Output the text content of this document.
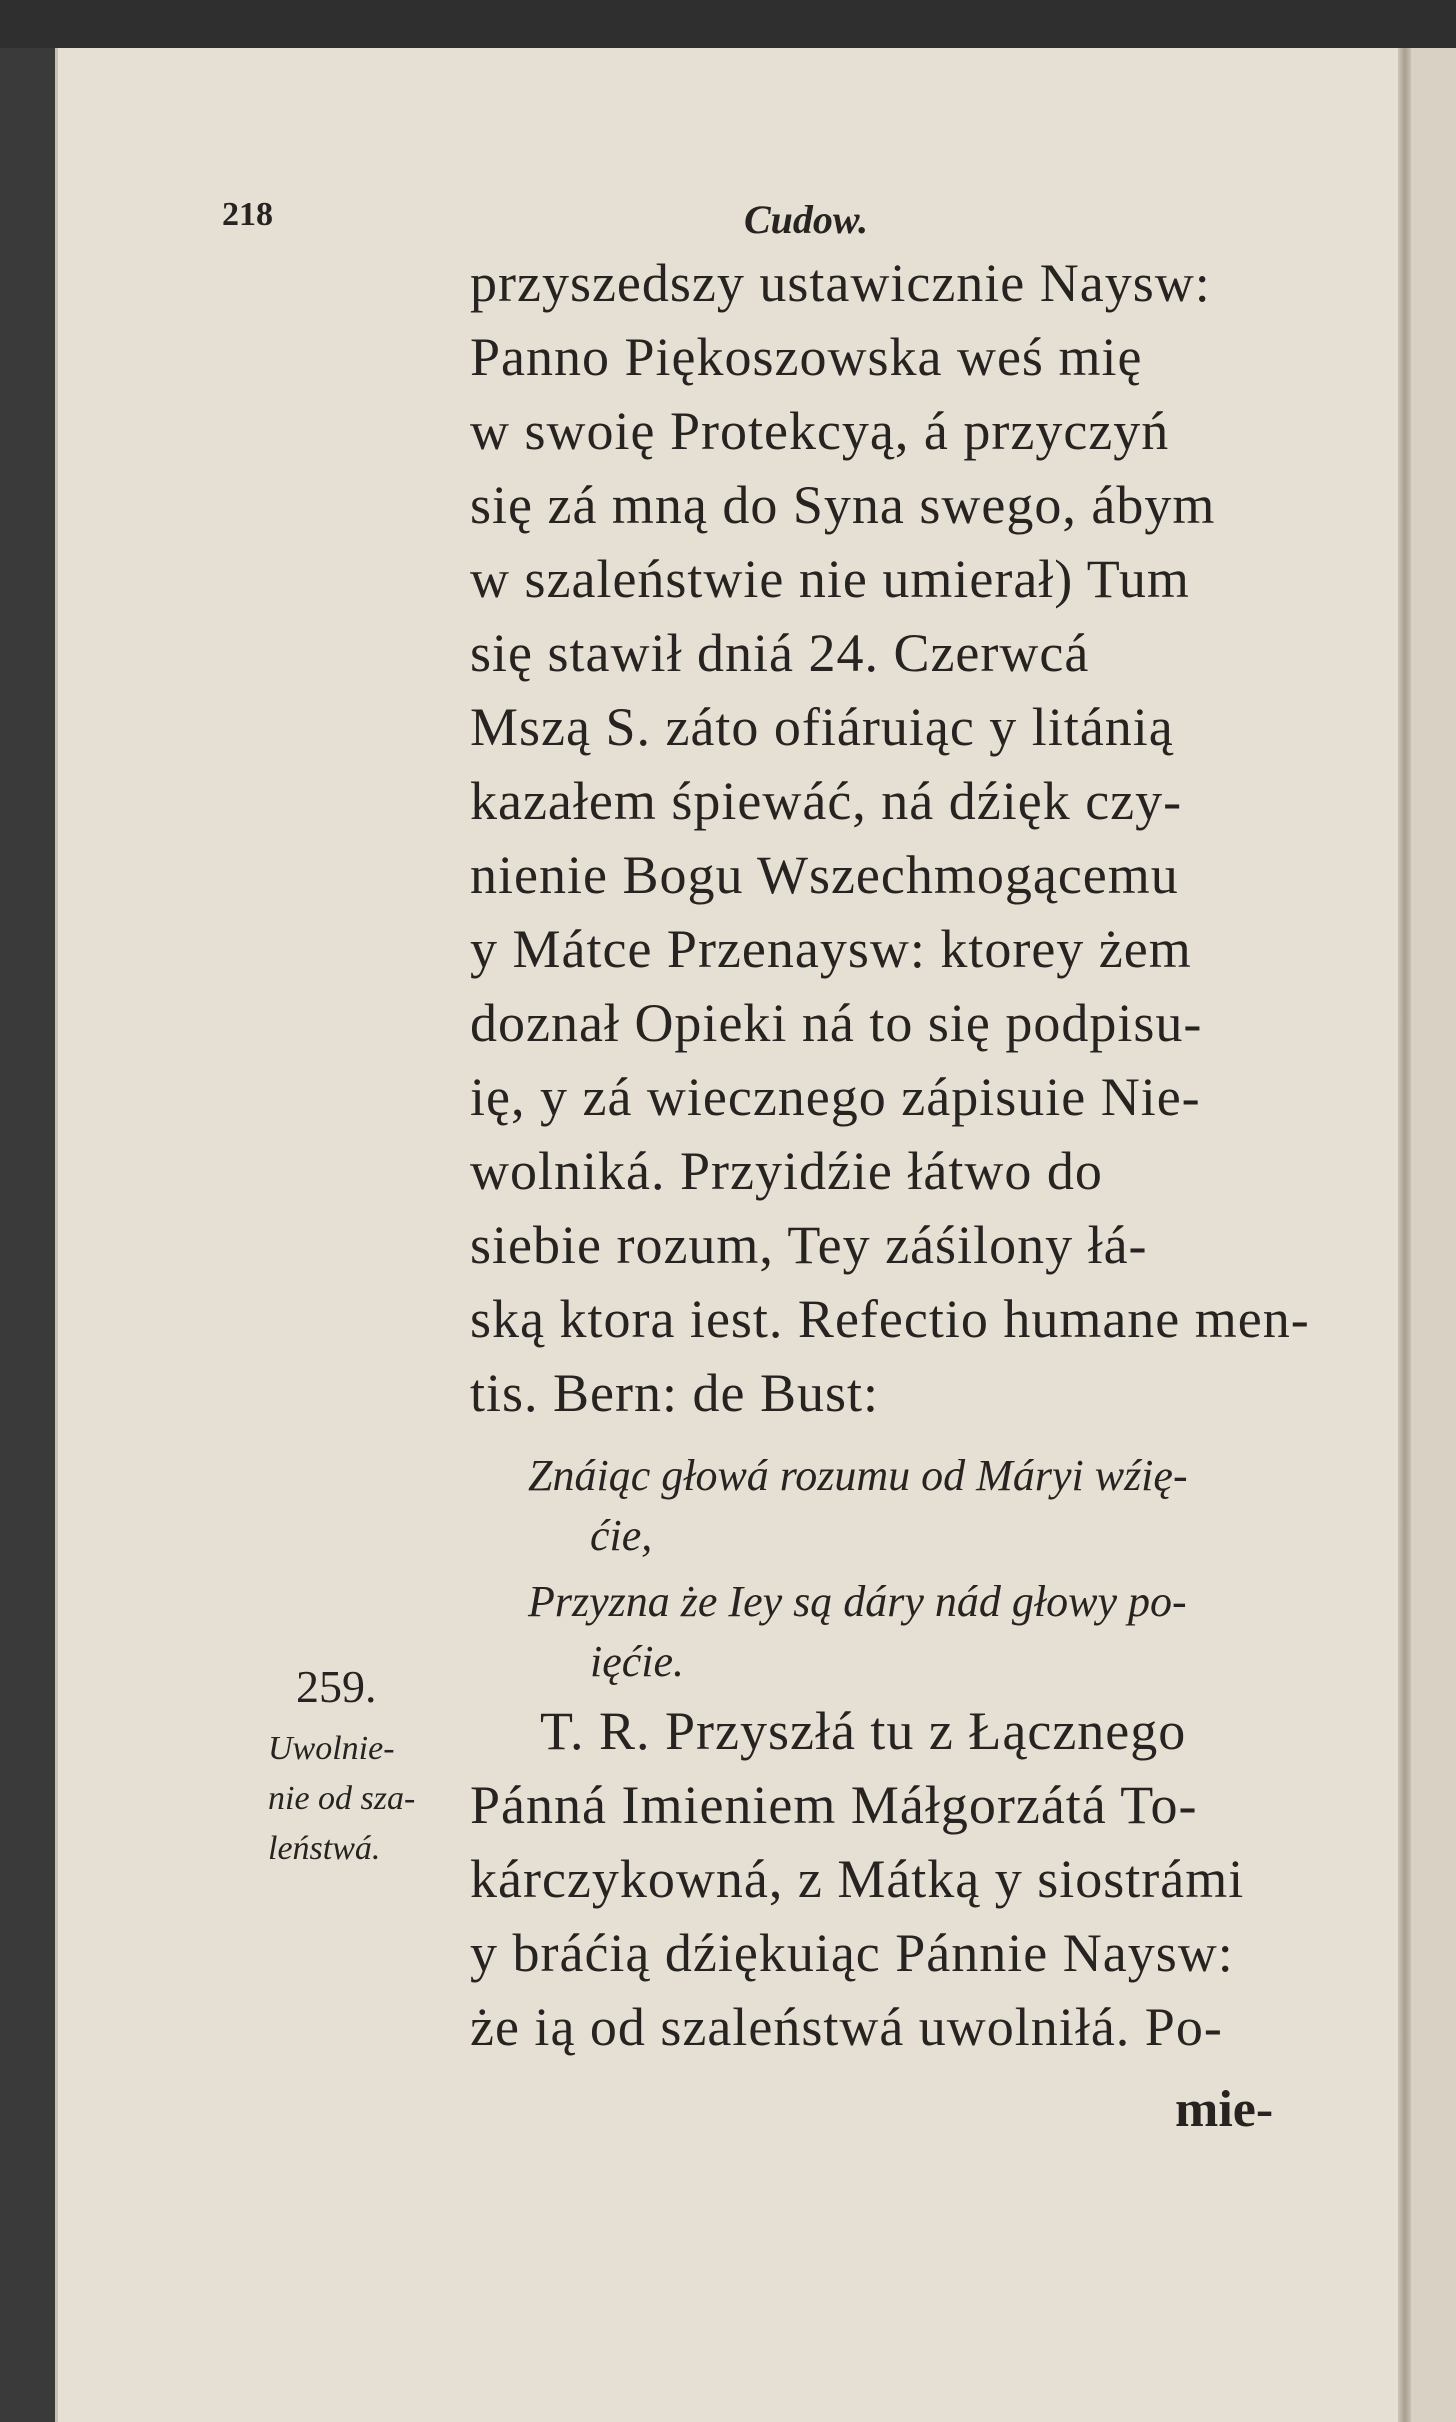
218	Cudow.
przyszedszy ustawicznie Naysw:
Panno Piękoszowska weś mię
w swoię Protekcyą, á przyczyń
się zá mną do Syna swego, ábym
w szaleństwie nie umierał) Tum
się stawił dniá 24. Czerwcá
Mszą S. záto ofiáruiąc y litánią
kazałem śpiewáć, ná dźięk czy-
nienie Bogu Wszechmogącemu
y Mátce Przenaysw: ktorey żem
doznał Opieki ná to się podpisu-
ię, y zá wiecznego zápisuie Nie-
wolniká. Przyidźie łátwo do
siebie rozum, Tey záśilony łá-
ską ktora iest. Refectio humane men-
tis. Bern: de Bust:
Znáiąc głowá rozumu od Máryi wźię-
ćie,
Przyzna że Iey są dáry nád głowy po-
ięćie.
259.
Uwolnie-
nie od sza-
leństwá.
T. R. Przyszłá tu z Łącznego
Pánná Imieniem Máłgorzátá To-
kárczykowná, z Mátką y siostrámi
y bráćią dźiękuiąc Pánnie Naysw:
że ią od szaleństwá uwolniłá. Po-
mie-
